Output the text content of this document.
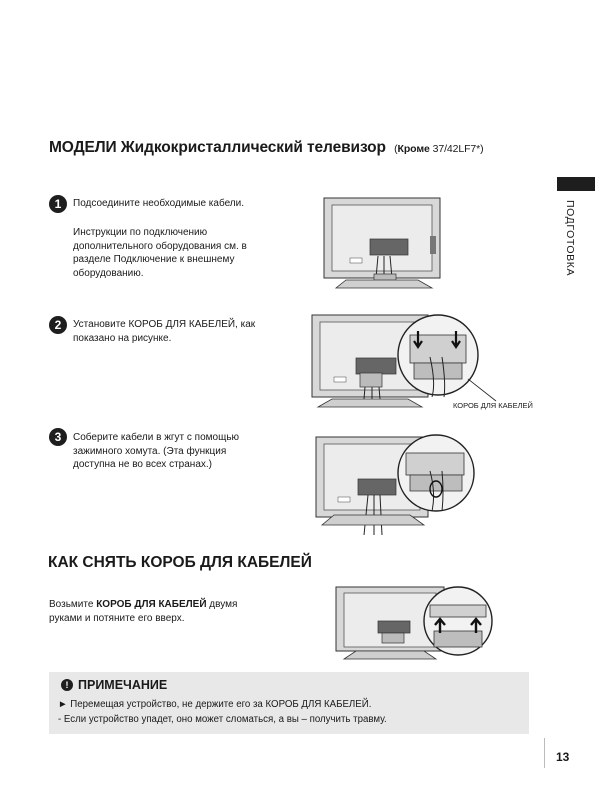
МОДЕЛИ Жидкокристаллический телевизор (Кроме 37/42LF7*)
ПОДГОТОВКА
1	Подсоедините необходимые кабели.
Инструкции по подключению
дополнительного оборудования см. в
разделе Подключение к внешнему
оборудованию.
2	Установите КОРОБ ДЛЯ КАБЕЛЕЙ, как
показано на рисунке.
3	Соберите кабели в жгут с помощью
зажимного хомута. (Эта функция
доступна не во всех странах.)
КОРОБ ДЛЯ КАБЕЛЕЙ
КАК СНЯТЬ КОРОБ ДЛЯ КАБЕЛЕЙ
Возьмите КОРОБ ДЛЯ КАБЕЛЕЙ двумя
руками и потяните его вверх.
! ПРИМЕЧАНИЕ
► Перемещая устройство, не держите его за КОРОБ ДЛЯ КАБЕЛЕЙ.
- Если устройство упадет, оно может сломаться, а вы – получить травму.
13
